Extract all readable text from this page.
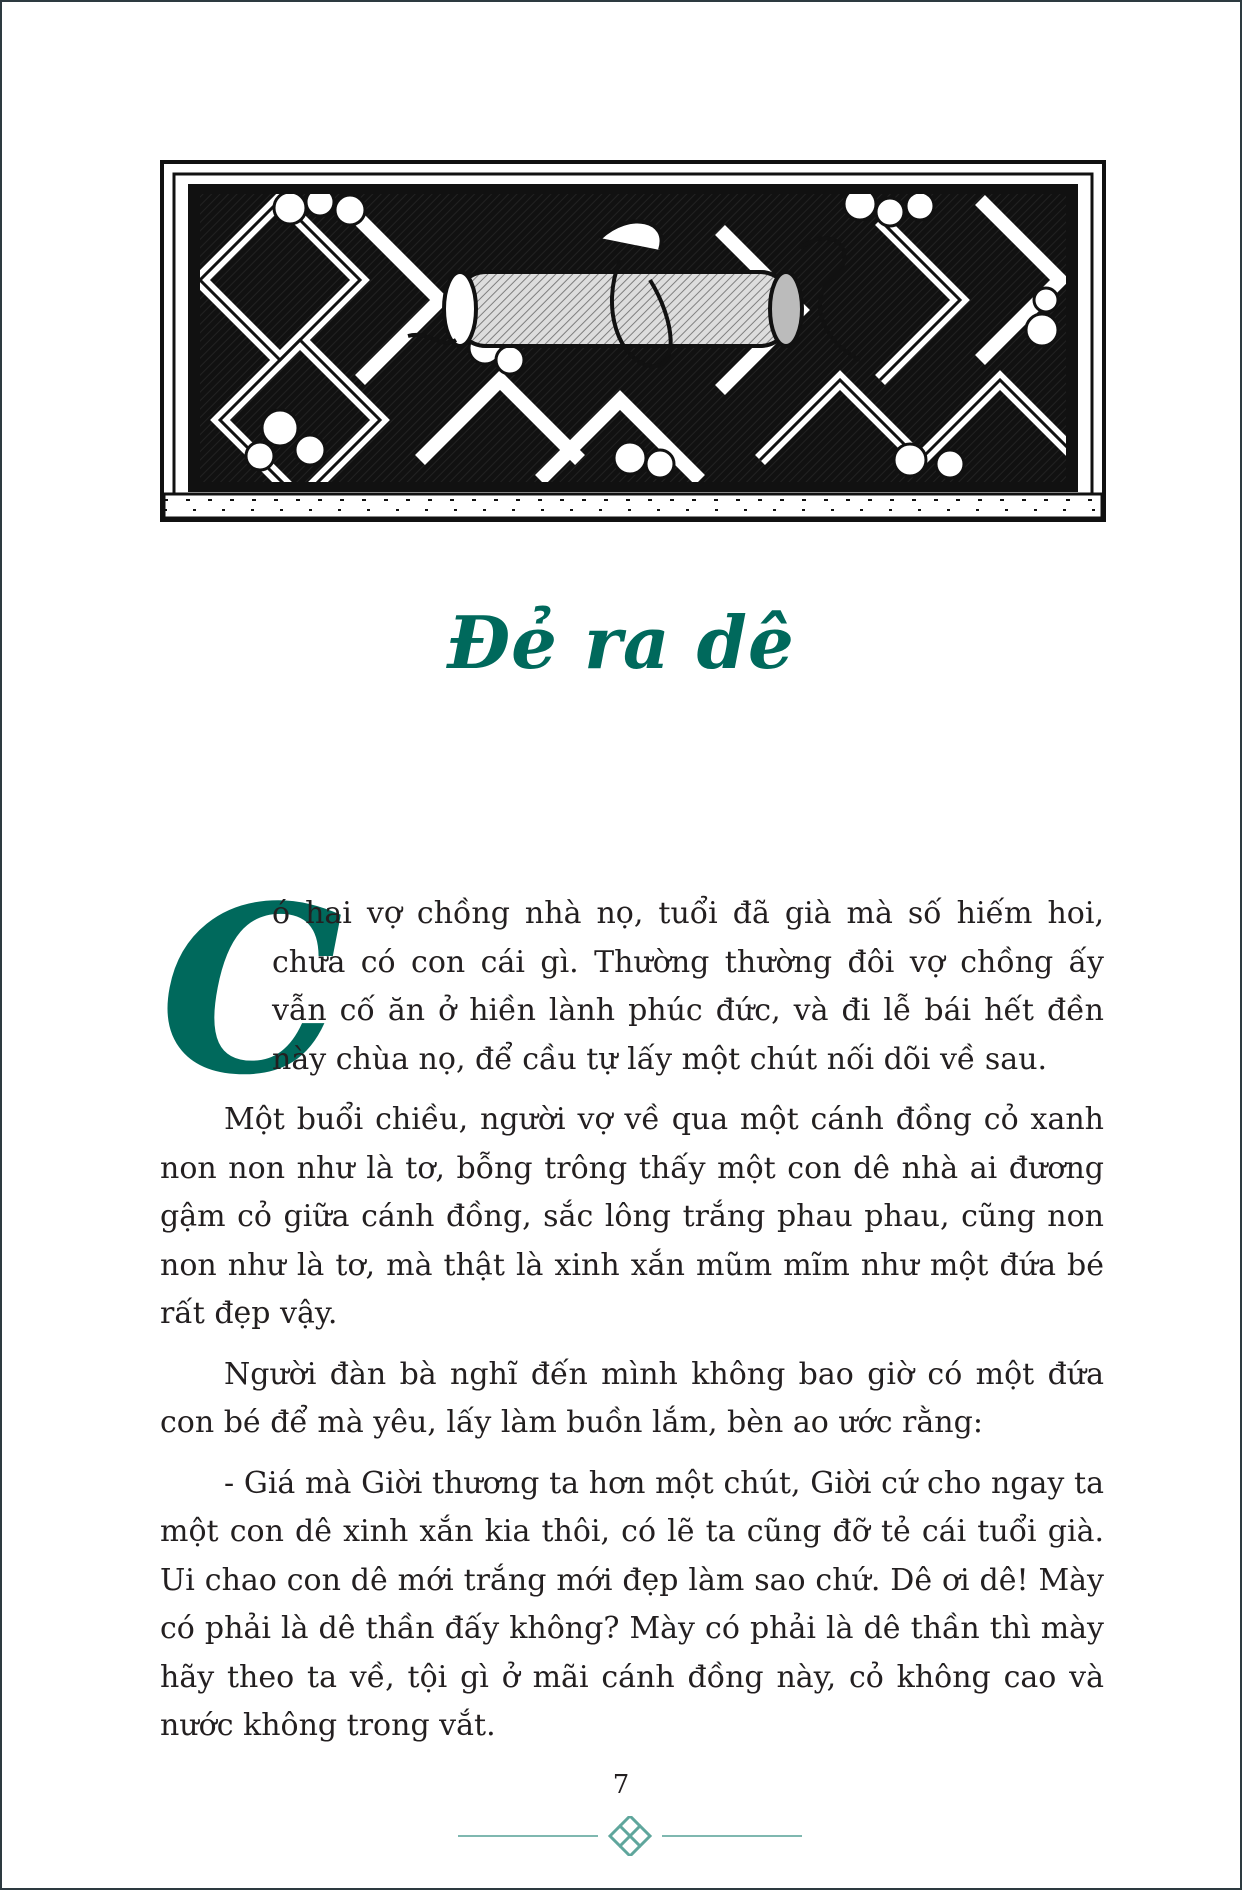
Đẻ ra dê
C

ó hai vợ chồng nhà nọ, tuổi đã già mà số hiếm hoi, chưa có con cái gì. Thường thường đôi vợ chồng ấy vẫn cố ăn ở hiền lành phúc đức, và đi lễ bái hết đền này chùa nọ, để cầu tự lấy một chút nối dõi về sau.

Một buổi chiều, người vợ về qua một cánh đồng cỏ xanh non non như là tơ, bỗng trông thấy một con dê nhà ai đương gậm cỏ giữa cánh đồng, sắc lông trắng phau phau, cũng non non như là tơ, mà thật là xinh xắn mũm mĩm như một đứa bé rất đẹp vậy.

Người đàn bà nghĩ đến mình không bao giờ có một đứa con bé để mà yêu, lấy làm buồn lắm, bèn ao ước rằng:

- Giá mà Giời thương ta hơn một chút, Giời cứ cho ngay ta một con dê xinh xắn kia thôi, có lẽ ta cũng đỡ tẻ cái tuổi già. Ui chao con dê mới trắng mới đẹp làm sao chứ. Dê ơi dê! Mày có phải là dê thần đấy không? Mày có phải là dê thần thì mày hãy theo ta về, tội gì ở mãi cánh đồng này, cỏ không cao và nước không trong vắt.

7
